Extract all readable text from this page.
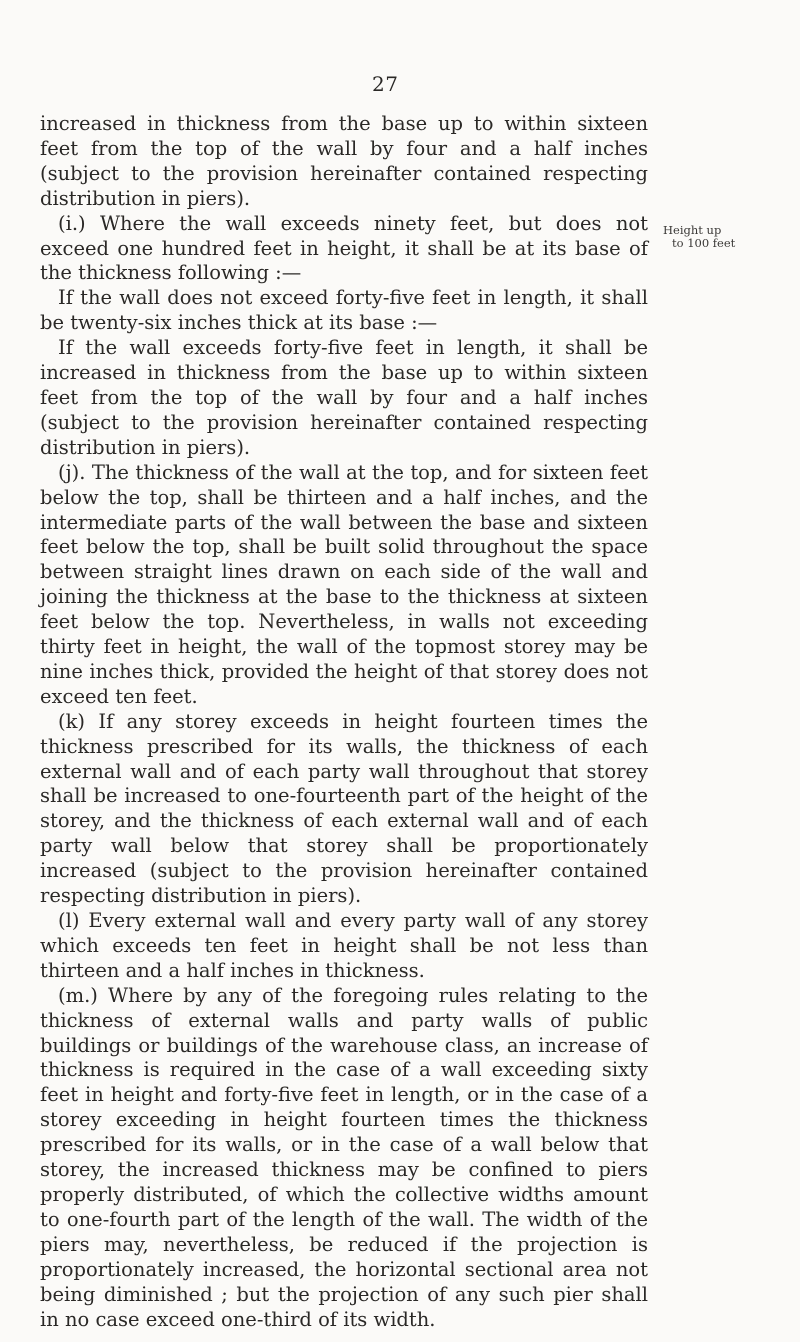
27

increased in thickness from the base up to within sixteen feet from the top of the wall by four and a half inches (subject to the provision hereinafter contained respecting distribution in piers).

(i.) Where the wall exceeds ninety feet, but does not exceed one hundred feet in height, it shall be at its base of the thickness following :—

If the wall does not exceed forty-five feet in length, it shall be twenty-six inches thick at its base :—

If the wall exceeds forty-five feet in length, it shall be increased in thickness from the base up to within sixteen feet from the top of the wall by four and a half inches (subject to the provision hereinafter contained respecting distribution in piers).

(j). The thickness of the wall at the top, and for sixteen feet below the top, shall be thirteen and a half inches, and the intermediate parts of the wall between the base and sixteen feet below the top, shall be built solid throughout the space between straight lines drawn on each side of the wall and joining the thickness at the base to the thickness at sixteen feet below the top. Nevertheless, in walls not exceeding thirty feet in height, the wall of the topmost storey may be nine inches thick, provided the height of that storey does not exceed ten feet.

(k) If any storey exceeds in height fourteen times the thickness prescribed for its walls, the thickness of each external wall and of each party wall throughout that storey shall be increased to one-fourteenth part of the height of the storey, and the thickness of each external wall and of each party wall below that storey shall be proportionately increased (subject to the provision hereinafter contained respecting distribution in piers).

(l) Every external wall and every party wall of any storey which exceeds ten feet in height shall be not less than thirteen and a half inches in thickness.

(m.) Where by any of the foregoing rules relating to the thickness of external walls and party walls of public buildings or buildings of the warehouse class, an increase of thickness is required in the case of a wall exceeding sixty feet in height and forty-five feet in length, or in the case of a storey exceeding in height fourteen times the thickness prescribed for its walls, or in the case of a wall below that storey, the increased thickness may be confined to piers properly distributed, of which the collective widths amount to one-fourth part of the length of the wall. The width of the piers may, nevertheless, be reduced if the projection is proportionately increased, the horizontal sectional area not being diminished ; but the projection of any such pier shall in no case exceed one-third of its width.

Height up
to 100 feet
